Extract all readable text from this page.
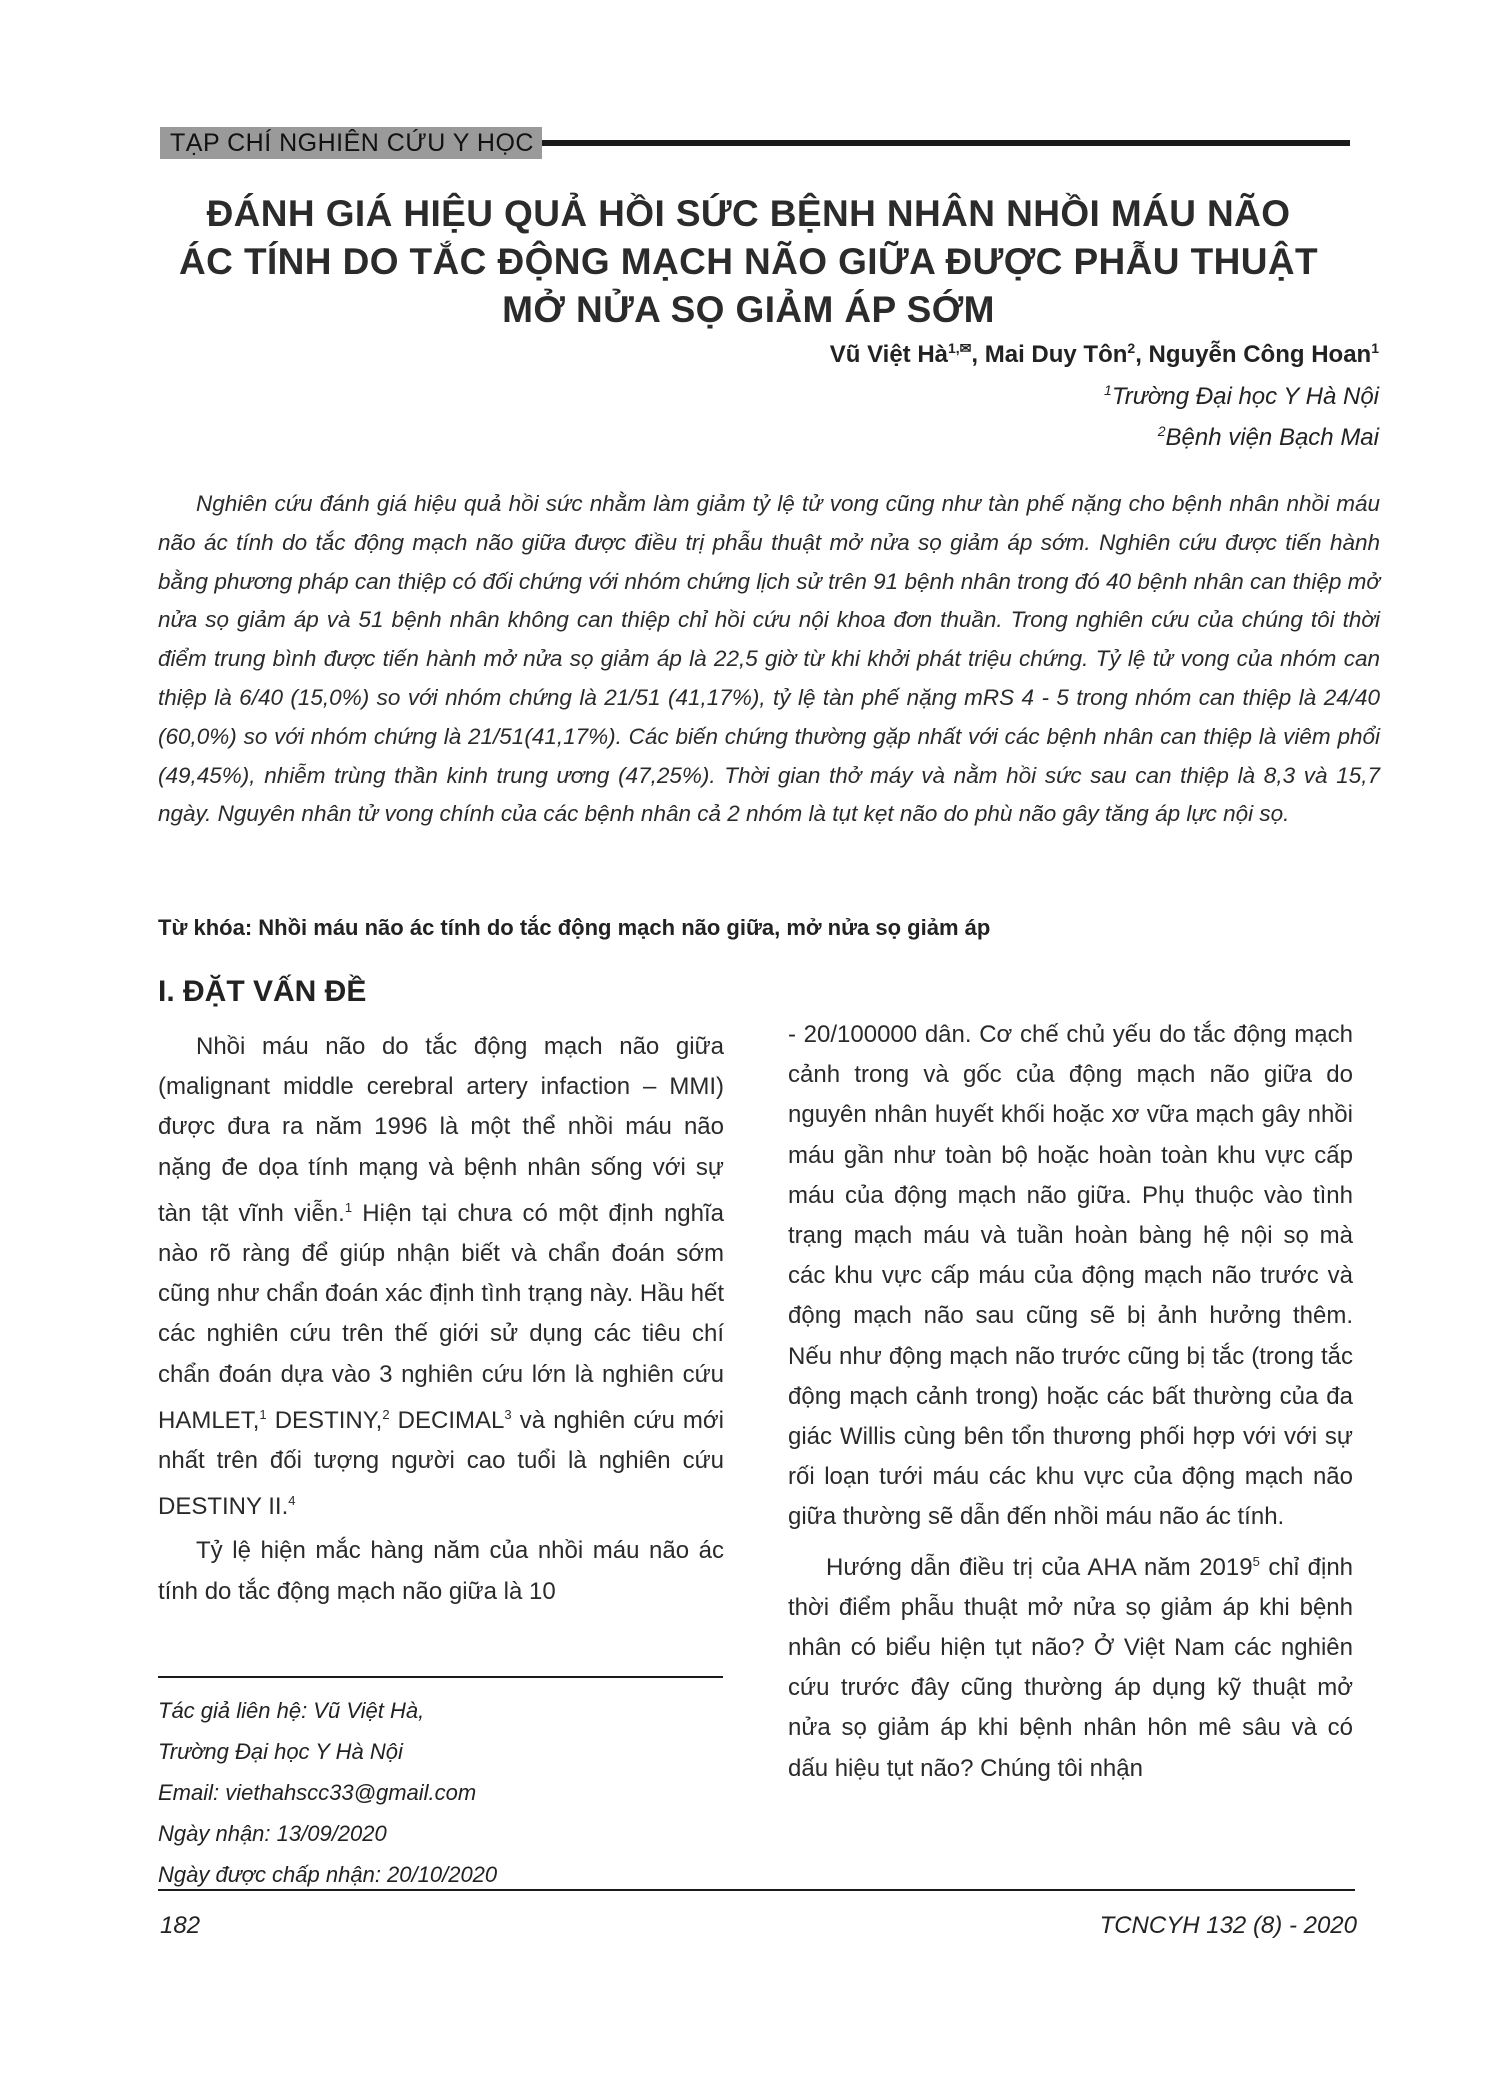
TẠP CHÍ NGHIÊN CỨU Y HỌC
ĐÁNH GIÁ HIỆU QUẢ HỒI SỨC BỆNH NHÂN NHỒI MÁU NÃO
ÁC TÍNH DO TẮC ĐỘNG MẠCH NÃO GIỮA ĐƯỢC PHẪU THUẬT
MỞ NỬA SỌ GIẢM ÁP SỚM
Vũ Việt $Hà^{1,✉}$, Mai Duy Tôn$^2$, Nguyễn Công Hoan$^1$
$^1$Trường Đại học Y Hà Nội
$^2$Bệnh viện Bạch Mai
Nghiên cứu đánh giá hiệu quả hồi sức nhằm làm giảm tỷ lệ tử vong cũng như tàn phế nặng cho bệnh nhân nhồi máu não ác tính do tắc động mạch não giữa được điều trị phẫu thuật mở nửa sọ giảm áp sớm. Nghiên cứu được tiến hành bằng phương pháp can thiệp có đối chứng với nhóm chứng lịch sử trên 91 bệnh nhân trong đó 40 bệnh nhân can thiệp mở nửa sọ giảm áp và 51 bệnh nhân không can thiệp chỉ hồi cứu nội khoa đơn thuần. Trong nghiên cứu của chúng tôi thời điểm trung bình được tiến hành mở nửa sọ giảm áp là 22,5 giờ từ khi khởi phát triệu chứng. Tỷ lệ tử vong của nhóm can thiệp là 6/40 (15,0%) so với nhóm chứng là 21/51 (41,17%), tỷ lệ tàn phế nặng mRS 4 - 5 trong nhóm can thiệp là 24/40 (60,0%) so với nhóm chứng là 21/51(41,17%). Các biến chứng thường gặp nhất với các bệnh nhân can thiệp là viêm phổi (49,45%), nhiễm trùng thần kinh trung ương (47,25%). Thời gian thở máy và nằm hồi sức sau can thiệp là 8,3 và 15,7 ngày. Nguyên nhân tử vong chính của các bệnh nhân cả 2 nhóm là tụt kẹt não do phù não gây tăng áp lực nội sọ.
Từ khóa: Nhồi máu não ác tính do tắc động mạch não giữa, mở nửa sọ giảm áp
I. ĐẶT VẤN ĐỀ

Nhồi máu não do tắc động mạch não giữa (malignant middle cerebral artery infaction – MMI) được đưa ra năm 1996 là một thể nhồi máu não nặng đe dọa tính mạng và bệnh nhân sống với sự tàn tật vĩnh viễn.$^1$ Hiện tại chưa có một định nghĩa nào rõ ràng để giúp nhận biết và chẩn đoán sớm cũng như chẩn đoán xác định tình trạng này. Hầu hết các nghiên cứu trên thế giới sử dụng các tiêu chí chẩn đoán dựa vào 3 nghiên cứu lớn là nghiên cứu HAMLET,$^1$ DESTINY,$^2$ DECIMAL$^3$ và nghiên cứu mới nhất trên đối tượng người cao tuổi là nghiên cứu DESTINY II.$^4$

Tỷ lệ hiện mắc hàng năm của nhồi máu não ác tính do tắc động mạch não giữa là 10

- 20/100000 dân. Cơ chế chủ yếu do tắc động mạch cảnh trong và gốc của động mạch não giữa do nguyên nhân huyết khối hoặc xơ vữa mạch gây nhồi máu gần như toàn bộ hoặc hoàn toàn khu vực cấp máu của động mạch não giữa. Phụ thuộc vào tình trạng mạch máu và tuần hoàn bàng hệ nội sọ mà các khu vực cấp máu của động mạch não trước và động mạch não sau cũng sẽ bị ảnh hưởng thêm. Nếu như động mạch não trước cũng bị tắc (trong tắc động mạch cảnh trong) hoặc các bất thường của đa giác Willis cùng bên tổn thương phối hợp với với sự rối loạn tưới máu các khu vực của động mạch não giữa thường sẽ dẫn đến nhồi máu não ác tính.

Hướng dẫn điều trị của AHA năm 2019$^5$ chỉ định thời điểm phẫu thuật mở nửa sọ giảm áp khi bệnh nhân có biểu hiện tụt não? Ở Việt Nam các nghiên cứu trước đây cũng thường áp dụng kỹ thuật mở nửa sọ giảm áp khi bệnh nhân hôn mê sâu và có dấu hiệu tụt não? Chúng tôi nhận

Tác giả liên hệ: Vũ Việt Hà,
Trường Đại học Y Hà Nội
Email: viethahscc33@gmail.com
Ngày nhận: 13/09/2020
Ngày được chấp nhận: 20/10/2020
182	TCNCYH 132 (8) - 2020
